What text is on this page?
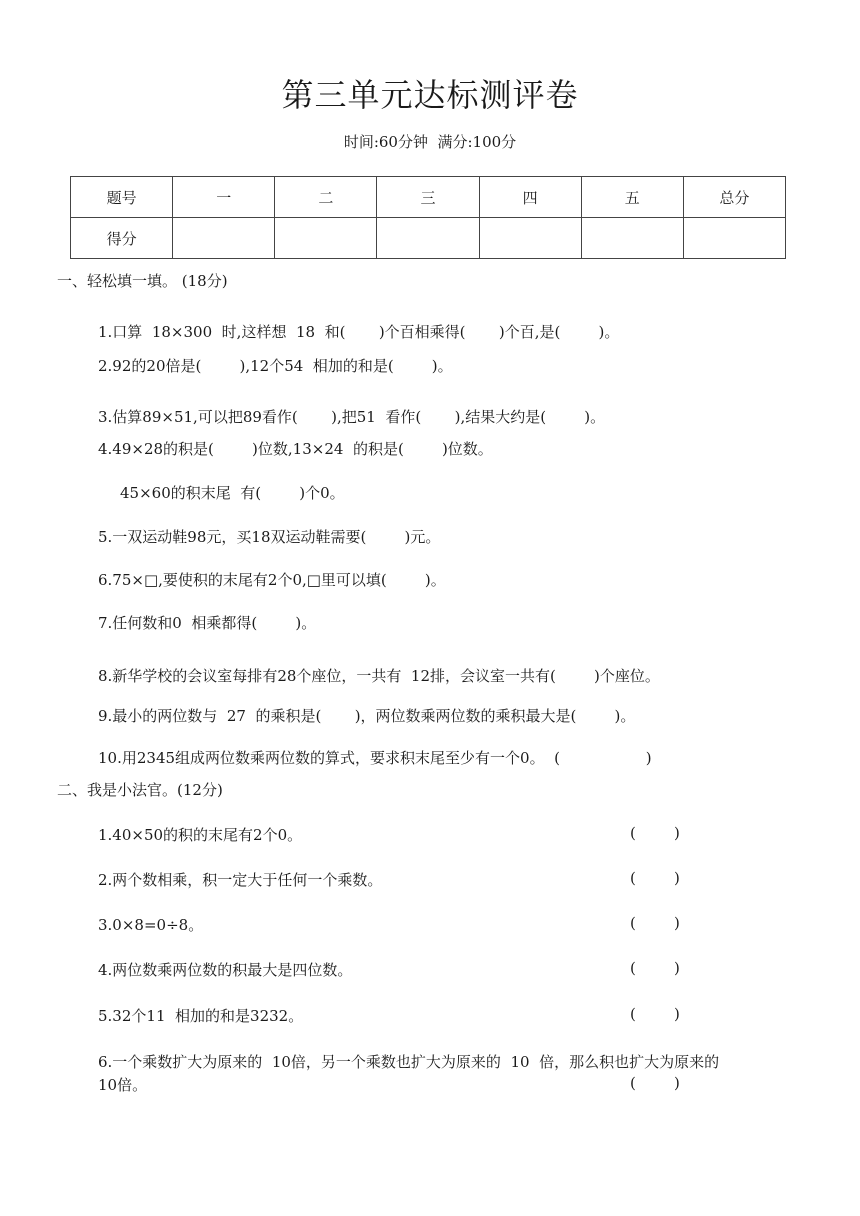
第三单元达标测评卷
时间:60分钟  满分:100分
题号	一	二	三	四	五	总分
得分						
一、轻松填一填。 (18分)
1.口算  18×300  时,这样想  18  和(       )个百相乘得(       )个百,是(        )。
2.92的20倍是(        ),12个54  相加的和是(        )。
3.估算89×51,可以把89看作(       ),把51  看作(       ),结果大约是(        )。
4.49×28的积是(        )位数,13×24  的积是(        )位数。
45×60的积末尾  有(        )个0。
5.一双运动鞋98元，买18双运动鞋需要(        )元。
6.75×□,要使积的末尾有2个0,□里可以填(        )。
7.任何数和0  相乘都得(        )。
8.新华学校的会议室每排有28个座位，一共有  12排，会议室一共有(        )个座位。
9.最小的两位数与  27  的乘积是(       )，两位数乘两位数的乘积最大是(        )。
10.用2345组成两位数乘两位数的算式，要求积末尾至少有一个0。  (                  )
二、我是小法官。(12分)
1.40×50的积的末尾有2个0。	(        )
2.两个数相乘，积一定大于任何一个乘数。	(        )
3.0×8=0÷8。	(        )
4.两位数乘两位数的积最大是四位数。	(        )
5.32个11  相加的和是3232。	(        )
6.一个乘数扩大为原来的  10倍，另一个乘数也扩大为原来的  10  倍，那么积也扩大为原来的
10倍。	(        )
